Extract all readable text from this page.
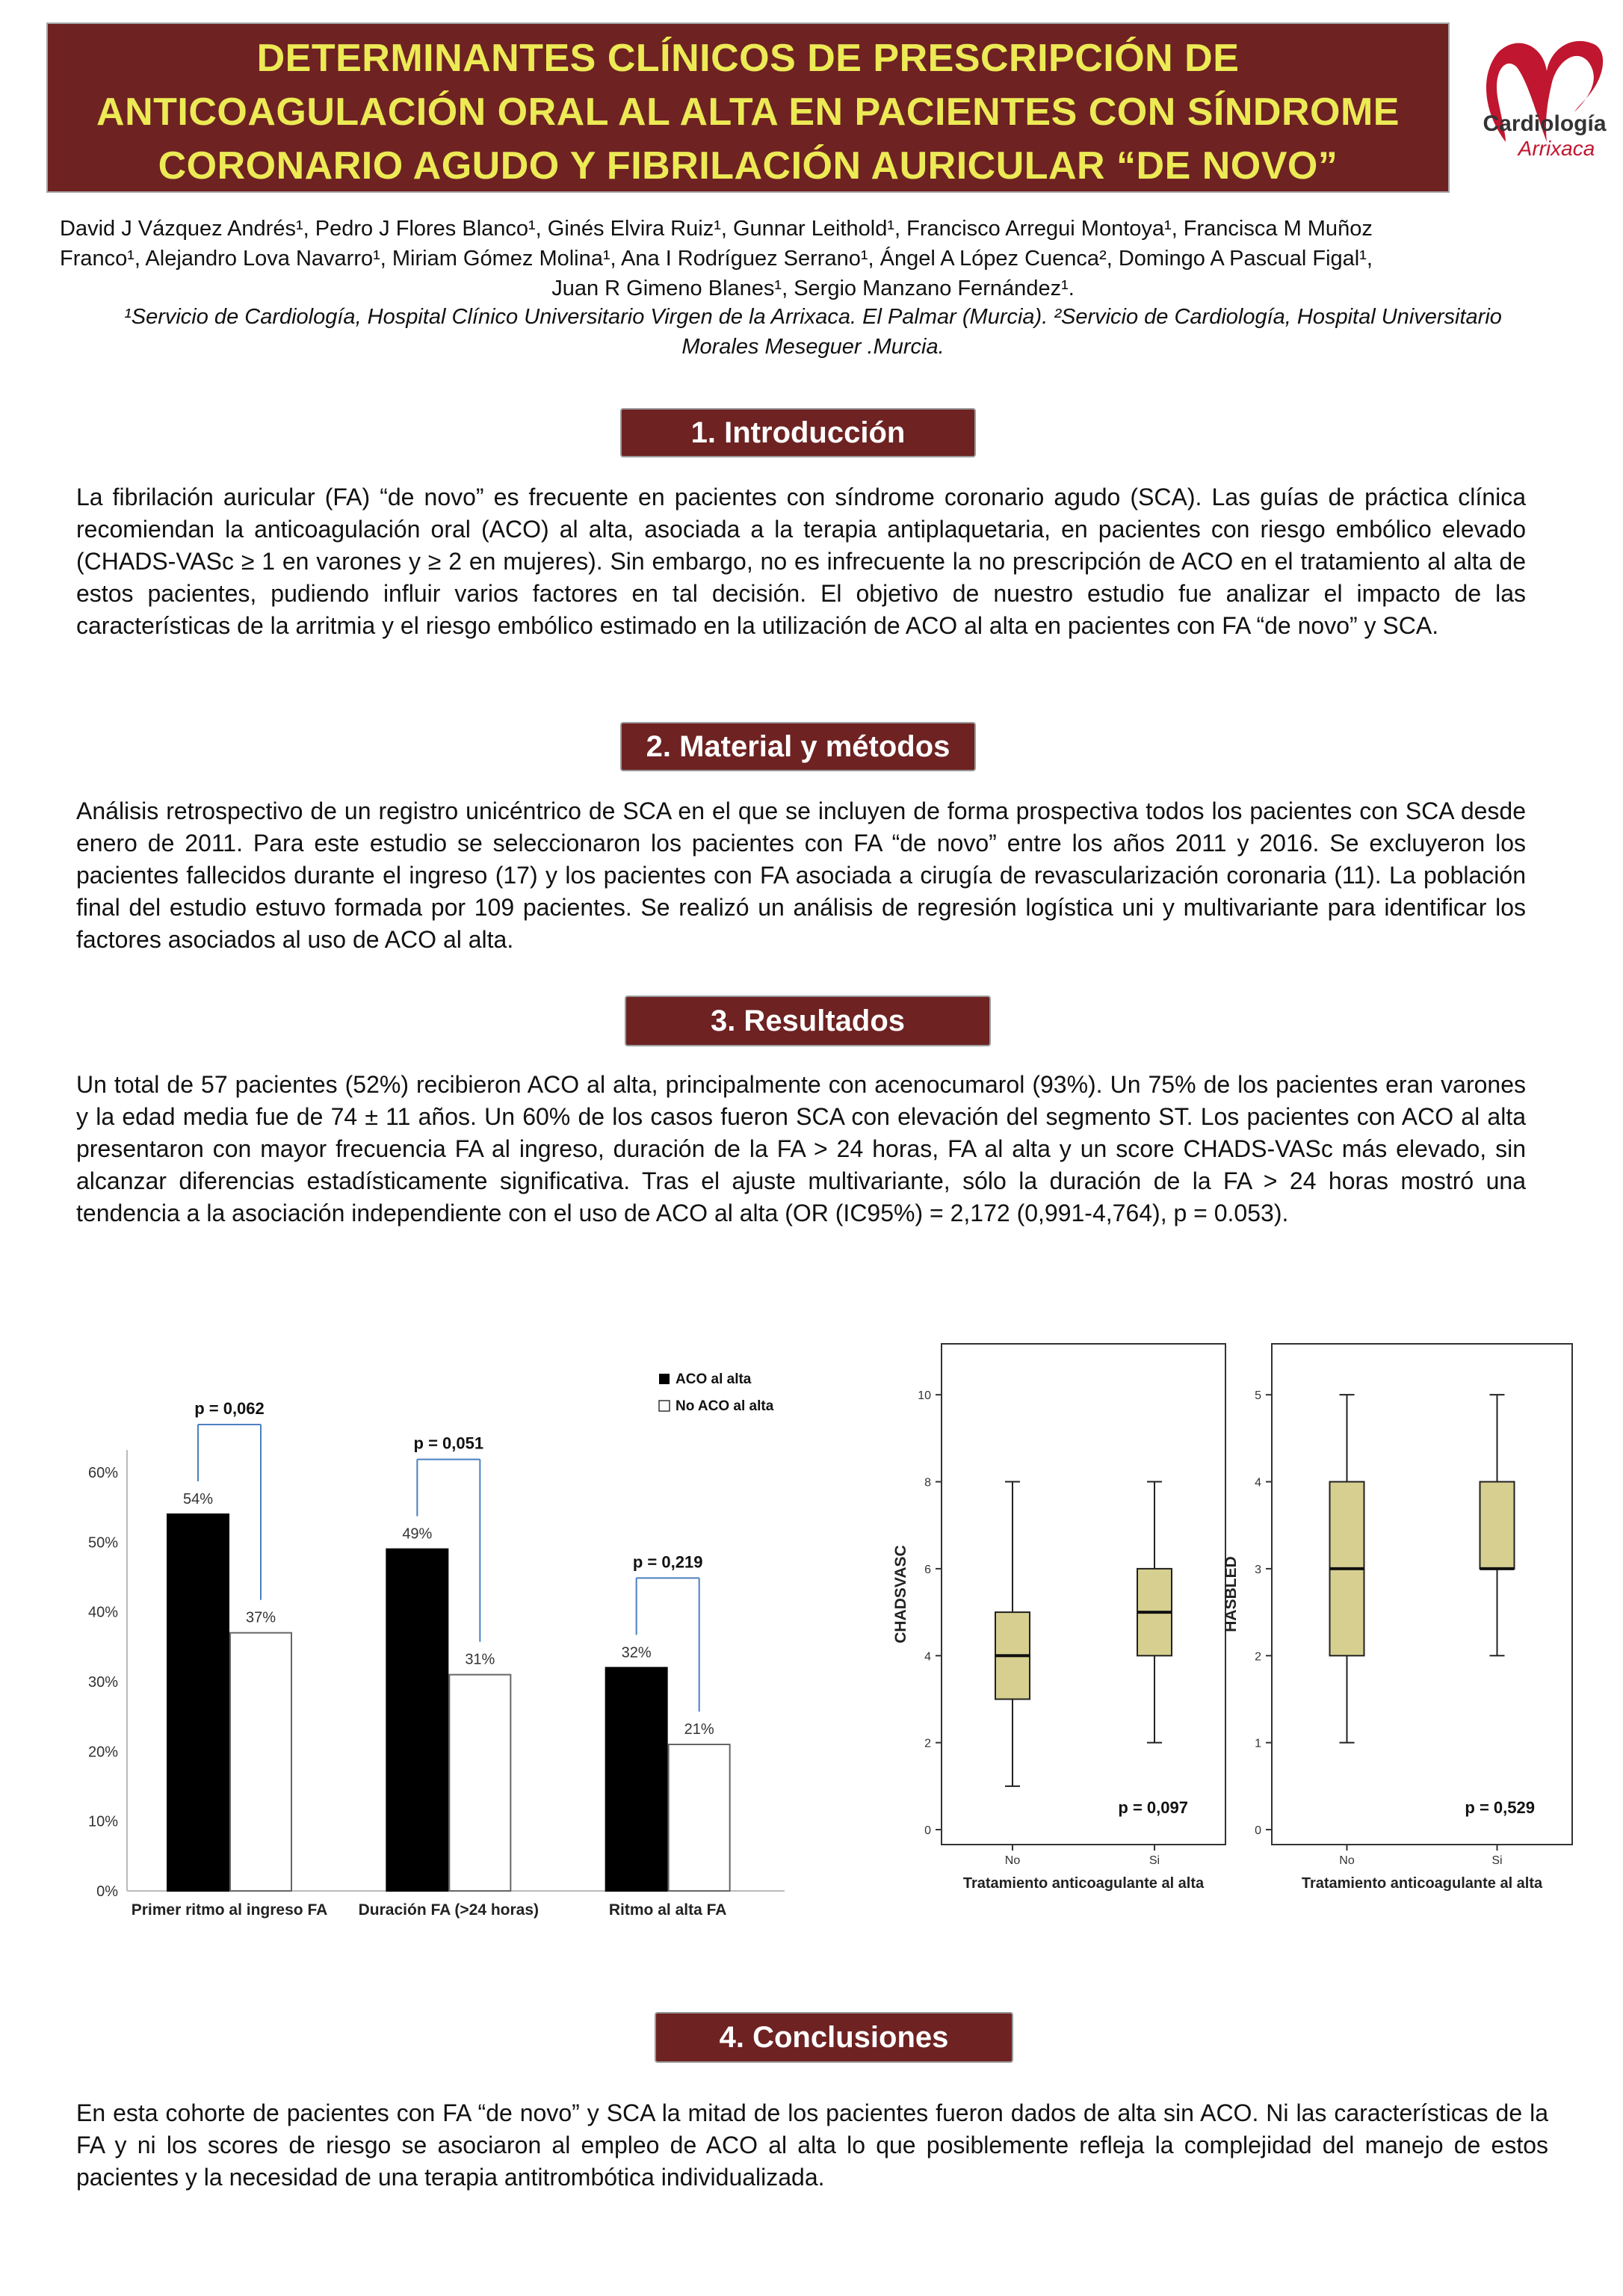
DETERMINANTES CLÍNICOS DE PRESCRIPCIÓN DE ANTICOAGULACIÓN ORAL AL ALTA EN PACIENTES CON SÍNDROME CORONARIO AGUDO Y FIBRILACIÓN AURICULAR “DE NOVO”
Cardiología
Arrixaca
David J Vázquez Andrés¹, Pedro J Flores Blanco¹, Ginés Elvira Ruiz¹, Gunnar Leithold¹, Francisco Arregui Montoya¹, Francisca M Muñoz
Franco¹, Alejandro Lova Navarro¹, Miriam Gómez Molina¹, Ana I Rodríguez Serrano¹, Ángel A López Cuenca², Domingo A Pascual Figal¹,
Juan R Gimeno Blanes¹, Sergio Manzano Fernández¹.
¹Servicio de Cardiología, Hospital Clínico Universitario Virgen de la Arrixaca. El Palmar (Murcia). ²Servicio de Cardiología, Hospital Universitario Morales Meseguer .Murcia.
1. Introducción
La fibrilación auricular (FA) “de novo” es frecuente en pacientes con síndrome coronario agudo (SCA). Las guías de práctica clínica recomiendan la anticoagulación oral (ACO) al alta, asociada a la terapia antiplaquetaria, en pacientes con riesgo embólico elevado (CHADS-VASc ≥ 1 en varones y ≥ 2 en mujeres). Sin embargo, no es infrecuente la no prescripción de ACO en el tratamiento al alta de estos pacientes, pudiendo influir varios factores en tal decisión. El objetivo de nuestro estudio fue analizar el impacto de las características de la arritmia y el riesgo embólico estimado en la utilización de ACO al alta en pacientes con FA “de novo” y SCA.
2. Material y métodos
Análisis retrospectivo de un registro unicéntrico de SCA en el que se incluyen de forma prospectiva todos los pacientes con SCA desde enero de 2011. Para este estudio se seleccionaron los pacientes con FA “de novo” entre los años 2011 y 2016. Se excluyeron los pacientes fallecidos durante el ingreso (17) y los pacientes con FA asociada a cirugía de revascularización coronaria (11). La población final del estudio estuvo formada por 109 pacientes. Se realizó un análisis de regresión logística uni y multivariante para identificar los factores asociados al uso de ACO al alta.
3. Resultados
Un total de 57 pacientes (52%) recibieron ACO al alta, principalmente con acenocumarol (93%). Un 75% de los pacientes eran varones y la edad media fue de 74 ± 11 años. Un 60% de los casos fueron SCA con elevación del segmento ST. Los pacientes con ACO al alta presentaron con mayor frecuencia FA al ingreso, duración de la FA > 24 horas, FA al alta y un score CHADS-VASc más elevado, sin alcanzar diferencias estadísticamente significativa. Tras el ajuste multivariante, sólo la duración de la FA > 24 horas mostró una tendencia a la asociación independiente con el uso de ACO al alta (OR (IC95%) = 2,172 (0,991-4,764), p = 0.053).
0%
10%
20%
30%
40%
50%
60%
54%
37%
Primer ritmo al ingreso FA
p = 0,062
49%
31%
Duración FA (>24 horas)
p = 0,051
32%
21%
Ritmo al alta FA
p = 0,219
ACO al alta
No ACO al alta
0
2
4
6
8
10
CHADSVASC
No	Si
p = 0,097
Tratamiento anticoagulante al alta
0
1
2
3
4
5
HASBLED
No	Si
p = 0,529
Tratamiento anticoagulante al alta
4. Conclusiones
En esta cohorte de pacientes con FA “de novo” y SCA la mitad de los pacientes fueron dados de alta sin ACO. Ni las características de la FA y ni los scores de riesgo se asociaron al empleo de ACO al alta lo que posiblemente refleja la complejidad del manejo de estos pacientes y la necesidad de una terapia antitrombótica individualizada.
